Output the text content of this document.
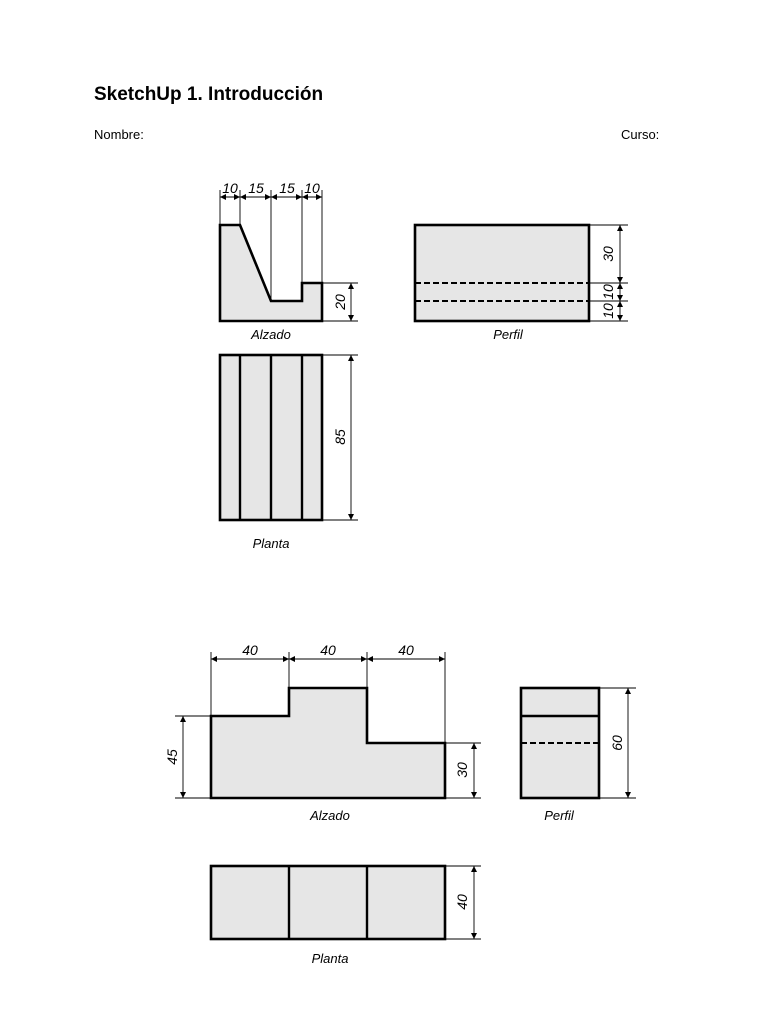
SketchUp 1. Introducción
Nombre:	Curso:
10 15 15 10
20
Alzado
30
10
10
Perfil
85
Planta
40	40	40
45
30
Alzado
60
Perfil
40
Planta
